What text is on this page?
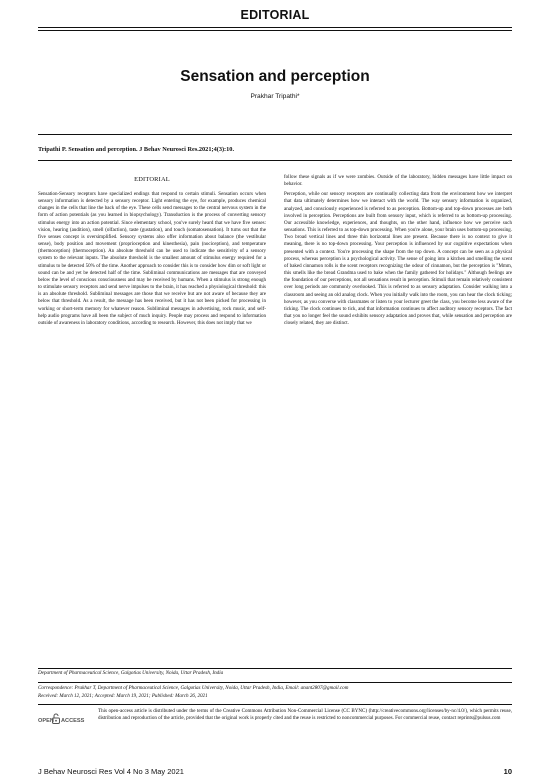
EDITORIAL
Sensation and perception
Prakhar Tripathi*
Tripathi P. Sensation and perception. J Behav Neurosci Res.2021;4(3):10.
EDITORIAL

Sensation-Sensory receptors have specialized endings that respond to certain stimuli. Sensation occurs when sensory information is detected by a sensory receptor. Light entering the eye, for example, produces chemical changes in the cells that line the back of the eye. These cells send messages to the central nervous system in the form of action potentials (as you learned in biopsychology). Transduction is the process of converting sensory stimulus energy into an action potential. Since elementary school, you've surely heard that we have five senses: vision, hearing (audition), smell (olfaction), taste (gustation), and touch (somatosensation). It turns out that the five senses concept is oversimplified. Sensory systems also offer information about balance (the vestibular sense), body position and movement (proprioception and kinesthesia), pain (nociception), and temperature (thermoception) (thermoception). An absolute threshold can be used to indicate the sensitivity of a sensory system to the relevant inputs. The absolute threshold is the smallest amount of stimulus energy required for a stimulus to be detected 50% of the time. Another approach to consider this is to consider how dim or soft light or sound can be and yet be detected half of the time. Subliminal communications are messages that are conveyed below the level of conscious consciousness and may be received by humans. When a stimulus is strong enough to stimulate sensory receptors and send nerve impulses to the brain, it has reached a physiological threshold: this is an absolute threshold. Subliminal messages are those that we receive but are not aware of because they are below that threshold. As a result, the message has been received, but it has not been picked for processing in working or short-term memory for whatever reason. Subliminal messages in advertising, rock music, and self-help audio programs have all been the subject of much inquiry. People may process and respond to information outside of awareness in laboratory conditions, according to research. However, this does not imply that we

follow these signals as if we were zombies. Outside of the laboratory, hidden messages have little impact on behavior.

Perception, while our sensory receptors are continually collecting data from the environment how we interpret that data ultimately determines how we interact with the world. The way sensory information is organized, analyzed, and consciously experienced is referred to as perception. Bottom-up and top-down processes are both involved in perception. Perceptions are built from sensory input, which is referred to as bottom-up processing. Our accessible knowledge, experiences, and thoughts, on the other hand, influence how we perceive such sensations. This is referred to as top-down processing. When you're alone, your brain uses bottom-up processing. Two broad vertical lines and three thin horizontal lines are present. Because there is no context to give it meaning, there is no top-down processing. Your perception is influenced by our cognitive expectations when presented with a context. You're processing the shape from the top down. A concept can be seen as a physical process, whereas perception is a psychological activity. The sense of going into a kitchen and smelling the scent of baked cinnamon rolls is the scent receptors recognizing the odour of cinnamon, but the perception is "Mmm, this smells like the bread Grandma used to bake when the family gathered for holidays." Although feelings are the foundation of our perceptions, not all sensations result in perception. Stimuli that remain relatively consistent over long periods are commonly overlooked. This is referred to as sensory adaptation. Consider walking into a classroom and seeing an old analog clock. When you initially walk into the room, you can hear the clock ticking; however, as you converse with classmates or listen to your lecturer greet the class, you become less aware of the ticking. The clock continues to tick, and that information continues to affect auditory sensory receptors. The fact that you no longer feel the sound exhibits sensory adaptation and proves that, while sensation and perception are closely related, they are distinct.

Department of Pharmaceutical Science, Galgotias University, Noida, Uttar Pradesh, India
Correspondence: Prakhar T, Department of Pharmaceutical Science, Galgotias University, Noida, Uttar Pradesh, India, Email: anant2807@gmail.com
Received: March 12, 2021; Accepted: March 19, 2021; Published: March 26, 2021
OPEN ACCESS
This open-access article is distributed under the terms of the Creative Commons Attribution Non-Commercial License (CC BYNC) (http://creativecommons.org/licenses/by-nc/4.0/), which permits reuse, distribution and reproduction of the article, provided that the original work is properly cited and the reuse is restricted to noncommercial purposes. For commercial reuse, contact reprints@pulsus.com
J Behav Neurosci Res Vol 4 No 3 May 2021	10
